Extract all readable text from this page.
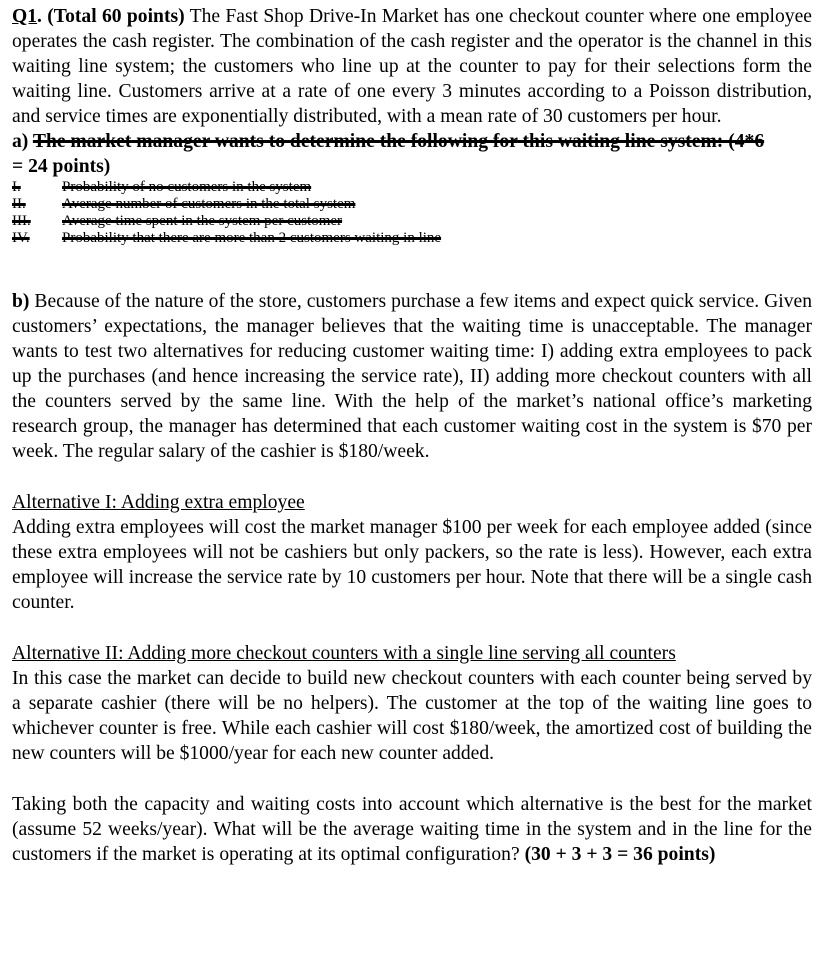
Q1. (Total 60 points) The Fast Shop Drive-In Market has one checkout counter where one employee operates the cash register. The combination of the cash register and the operator is the channel in this waiting line system; the customers who line up at the counter to pay for their selections form the waiting line. Customers arrive at a rate of one every 3 minutes according to a Poisson distribution, and service times are exponentially distributed, with a mean rate of 30 customers per hour.

a) The market manager wants to determine the following for this waiting line system: (4*6
= 24 points)

I.	Probability of no customers in the system
II. Average number of customers in the total system
III. Average time spent in the system per customer
IV. Probability that there are more than 2 customers waiting in line

b) Because of the nature of the store, customers purchase a few items and expect quick service. Given customers’ expectations, the manager believes that the waiting time is unacceptable. The manager wants to test two alternatives for reducing customer waiting time: I) adding extra employees to pack up the purchases (and hence increasing the service rate), II) adding more checkout counters with all the counters served by the same line. With the help of the market’s national office’s marketing research group, the manager has determined that each customer waiting cost in the system is $70 per week. The regular salary of the cashier is $180/week.

Alternative I: Adding extra employee

Adding extra employees will cost the market manager $100 per week for each employee added (since these extra employees will not be cashiers but only packers, so the rate is less). However, each extra employee will increase the service rate by 10 customers per hour. Note that there will be a single cash counter.

Alternative II: Adding more checkout counters with a single line serving all counters

In this case the market can decide to build new checkout counters with each counter being served by a separate cashier (there will be no helpers). The customer at the top of the waiting line goes to whichever counter is free. While each cashier will cost $180/week, the amortized cost of building the new counters will be $1000/year for each new counter added.

Taking both the capacity and waiting costs into account which alternative is the best for the market (assume 52 weeks/year). What will be the average waiting time in the system and in the line for the customers if the market is operating at its optimal configuration? (30 + 3 + 3 = 36 points)
